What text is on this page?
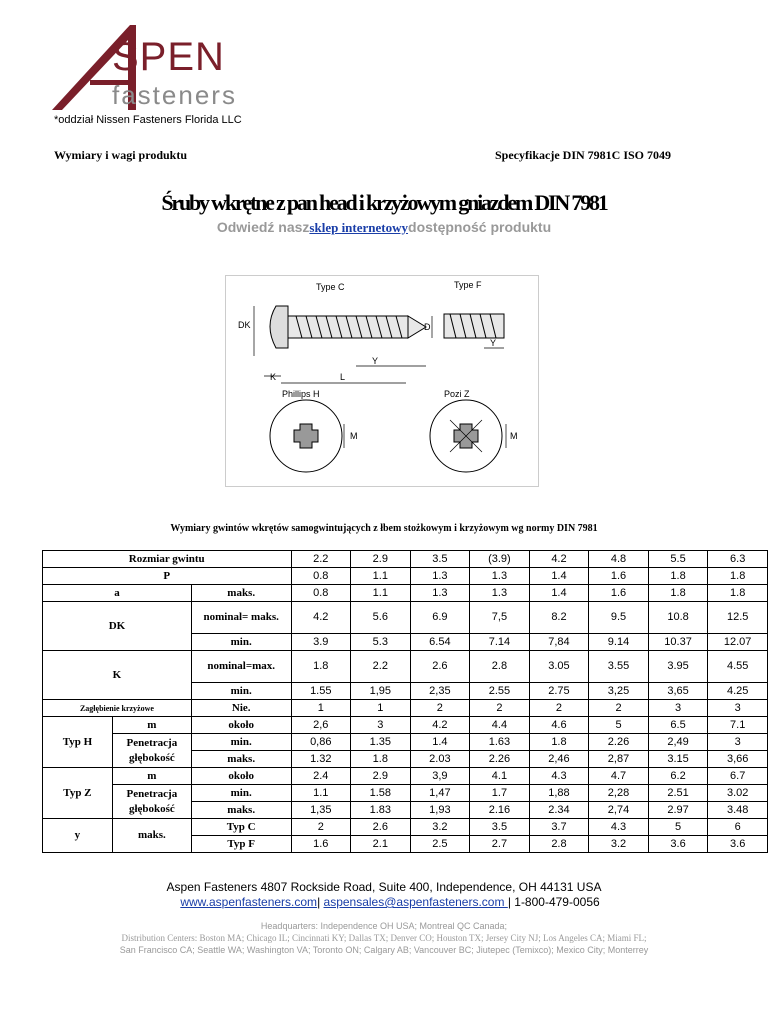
SPEN
fasteners
*oddział Nissen Fasteners Florida LLC
Wymiary i wagi produktu	Specyfikacje DIN 7981C ISO 7049
Śruby wkrętne z pan head i krzyżowym gniazdem DIN 7981
Odwiedź naszsklep internetowydostępność produktu
Type C	Type F
DK	D
Y
Y
K	L
Phillips H	Pozi Z
M	M
Wymiary gwintów wkrętów samogwintujących z łbem stożkowym i krzyżowym wg normy DIN 7981
Rozmiar gwintu			2.2	2.9	3.5	(3.9)	4.2	4.8	5.5	6.3
P			0.8	1.1	1.3	1.3	1.4	1.6	1.8	1.8
a		maks.	0.8	1.1	1.3	1.3	1.4	1.6	1.8	1.8
DK		nominal= maks.	4.2	5.6	6.9	7,5	8.2	9.5	10.8	12.5
		min.	3.9	5.3	6.54	7.14	7,84	9.14	10.37	12.07
K		nominal=max.	1.8	2.2	2.6	2.8	3.05	3.55	3.95	4.55
		min.	1.55	1,95	2,35	2.55	2.75	3,25	3,65	4.25
Zagłębienie krzyżowe		Nie.	1	1	2	2	2	2	3	3
Typ H	m	około	2,6	3	4.2	4.4	4.6	5	6.5	7.1
	Penetracja głębokość	min.	0,86	1.35	1.4	1.63	1.8	2.26	2,49	3
		maks.	1.32	1.8	2.03	2.26	2,46	2,87	3.15	3,66
Typ Z	m	około	2.4	2.9	3,9	4.1	4.3	4.7	6.2	6.7
	Penetracja głębokość	min.	1.1	1.58	1,47	1.7	1,88	2,28	2.51	3.02
		maks.	1,35	1.83	1,93	2.16	2.34	2,74	2.97	3.48
y	maks.	Typ C	2	2.6	3.2	3.5	3.7	4.3	5	6
		Typ F	1.6	2.1	2.5	2.7	2.8	3.2	3.6	3.6
Aspen Fasteners 4807 Rockside Road, Suite 400, Independence, OH 44131 USA
www.aspenfasteners.com| aspensales@aspenfasteners.com | 1-800-479-0056
Headquarters: Independence OH USA; Montreal QC Canada;
Distribution Centers: Boston MA; Chicago IL; Cincinnati KY; Dallas TX; Denver CO; Houston TX; Jersey City NJ; Los Angeles CA; Miami FL;
San Francisco CA; Seattle WA; Washington VA; Toronto ON; Calgary AB; Vancouver BC; Jiutepec (Temixco); Mexico City; Monterrey
